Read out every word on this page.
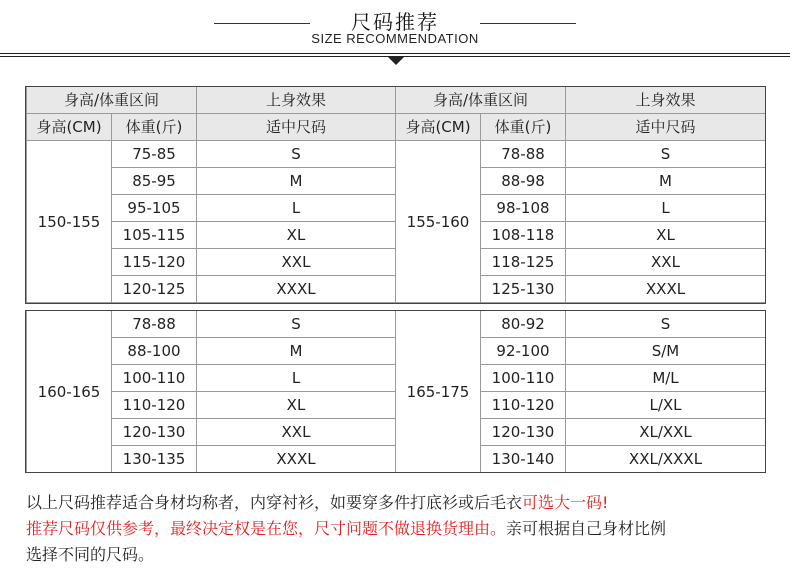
尺码推荐
SIZE RECOMMENDATION
身高/体重区间		上身效果	身高/体重区间		上身效果
身高(CM)	体重(斤)	适中尺码	身高(CM)	体重(斤)	适中尺码
150-155	75-85	S	155-160	78-88	S
	85-95	M		88-98	M
	95-105	L		98-108	L
	105-115	XL		108-118	XL
	115-120	XXL		118-125	XXL
	120-125	XXXL		125-130	XXXL
160-165	78-88	S	165-175	80-92	S
	88-100	M		92-100	S/M
	100-110	L		100-110	M/L
	110-120	XL		110-120	L/XL
	120-130	XXL		120-130	XL/XXL
	130-135	XXXL		130-140	XXL/XXXL
以上尺码推荐适合身材均称者，内穿衬衫，如要穿多件打底衫或后毛衣可选大一码!
推荐尺码仅供参考，最终决定权是在您，尺寸问题不做退换货理由。亲可根据自己身材比例
选择不同的尺码。
